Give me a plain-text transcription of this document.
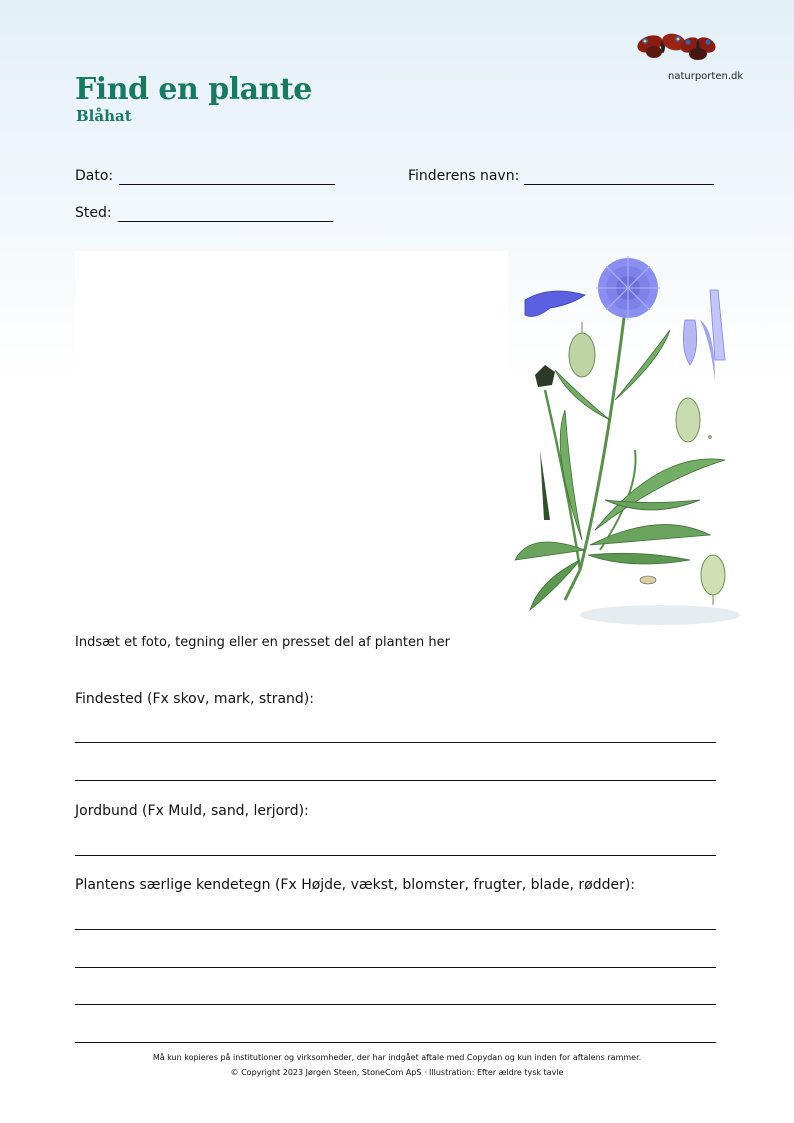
naturporten.dk
Find en plante
Blåhat
Dato:	Finderens navn:
Sted:
Indsæt et foto, tegning eller en presset del af planten her
Findested (Fx skov, mark, strand):
Jordbund (Fx Muld, sand, lerjord):
Plantens særlige kendetegn (Fx Højde, vækst, blomster, frugter, blade, rødder):
Må kun kopieres på institutioner og virksomheder, der har indgået aftale med Copydan og kun inden for aftalens rammer.
© Copyright 2023 Jørgen Steen, StoneCom ApS · Illustration: Efter ældre tysk tavle
